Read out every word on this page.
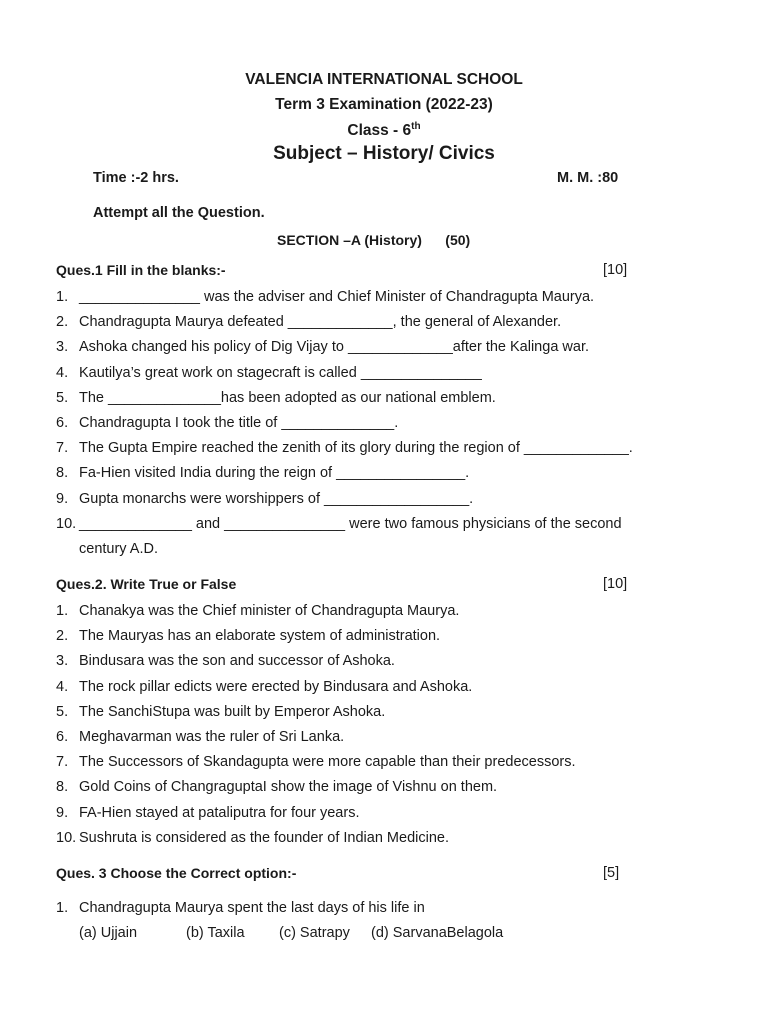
VALENCIA INTERNATIONAL SCHOOL
Term 3 Examination (2022-23)
Class - 6th
Subject – History/ Civics
Time :-2 hrs.	M. M. :80
Attempt all the Question.
SECTION –A (History)      (50)
Ques.1 Fill in the blanks:-	[10]
1. _______________ was the adviser and Chief Minister of Chandragupta Maurya.
2. Chandragupta Maurya defeated _____________, the general of Alexander.
3. Ashoka changed his policy of Dig Vijay to _____________after the Kalinga war.
4. Kautilya’s great work on stagecraft is called _______________
5. The ______________has been adopted as our national emblem.
6. Chandragupta I took the title of ______________.
7. The Gupta Empire reached the zenith of its glory during the region of _____________.
8. Fa-Hien visited India during the reign of ________________.
9. Gupta monarchs were worshippers of __________________.
10. ______________ and _______________ were two famous physicians of the second
century A.D.
Ques.2. Write True or False	[10]
1. Chanakya was the Chief minister of Chandragupta Maurya.
2. The Mauryas has an elaborate system of administration.
3. Bindusara was the son and successor of Ashoka.
4. The rock pillar edicts were erected by Bindusara and Ashoka.
5. The SanchiStupa was built by Emperor Ashoka.
6. Meghavarman was the ruler of Sri Lanka.
7. The Successors of Skandagupta were more capable than their predecessors.
8. Gold Coins of ChangraguptaI show the image of Vishnu on them.
9. FA-Hien stayed at pataliputra for four years.
10. Sushruta is considered as the founder of Indian Medicine.
Ques. 3 Choose the Correct option:-	[5]
1. Chandragupta Maurya spent the last days of his life in
(a) Ujjain	(b) Taxila (c) Satrapy (d) SarvanaBelagola
